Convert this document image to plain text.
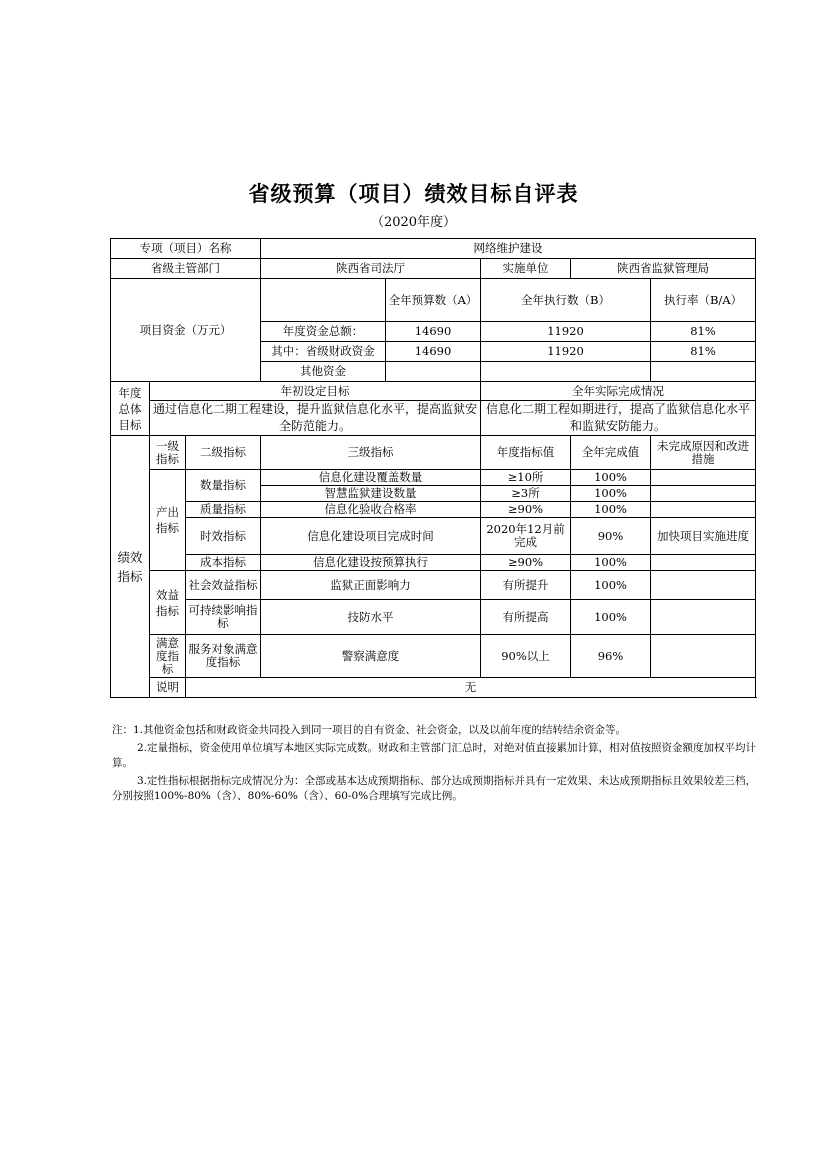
省级预算（项目）绩效目标自评表
（2020年度）
专项（项目）名称			网络维护建设				
省级主管部门			陕西省司法厅		实施单位	陕西省监狱管理局	
项目资金（万元）				全年预算数（A）	全年执行数（B）		执行率（B/A）
			年度资金总额：	14690	11920		81%
			其中：省级财政资金	14690	11920		81%
			其他资金				
年度总体目标	年初设定目标				全年实际完成情况		
	通过信息化二期工程建设，提升监狱信息化水平，提高监狱安全防范能力。				信息化二期工程如期进行，提高了监狱信息化水平和监狱安防能力。		
绩效指标	一级指标	二级指标	三级指标		年度指标值	全年完成值	未完成原因和改进措施
	产出指标	数量指标	信息化建设覆盖数量		≥10所	100%	
			智慧监狱建设数量		≥3所	100%	
		质量指标	信息化验收合格率		≥90%	100%	
		时效指标	信息化建设项目完成时间		2020年12月前完成	90%	加快项目实施进度
		成本指标	信息化建设按预算执行		≥90%	100%	
	效益指标	社会效益指标	监狱正面影响力		有所提升	100%	
		可持续影响指标	技防水平		有所提高	100%	
	满意度指标	服务对象满意度指标	警察满意度		90%以上	96%	
	说明	无					

注：1.其他资金包括和财政资金共同投入到同一项目的自有资金、社会资金，以及以前年度的结转结余资金等。

2.定量指标，资金使用单位填写本地区实际完成数。财政和主管部门汇总时，对绝对值直接累加计算，相对值按照资金额度加权平均计算。

3.定性指标根据指标完成情况分为：全部或基本达成预期指标、部分达成预期指标并具有一定效果、未达成预期指标且效果较差三档，分别按照100%-80%（含）、80%-60%（含）、60-0%合理填写完成比例。
